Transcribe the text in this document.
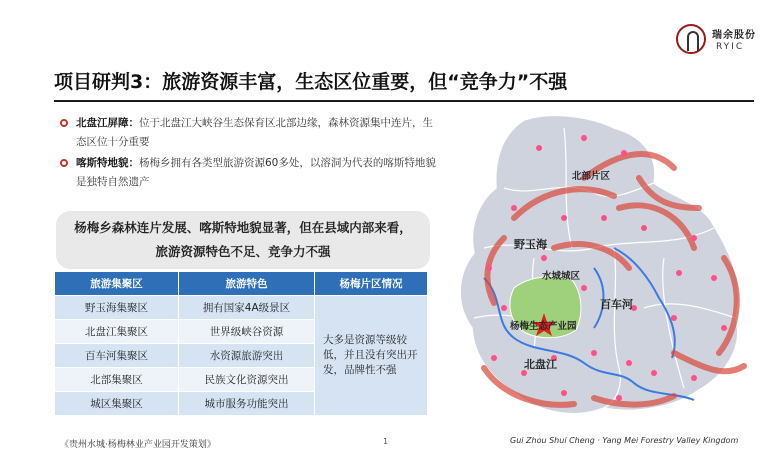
瑞余股份
RYIC
项目研判3：旅游资源丰富，生态区位重要，但“竞争力”不强
北盘江屏障：位于北盘江大峡谷生态保育区北部边缘，森林资源集中连片，生态区位十分重要
喀斯特地貌：杨梅乡拥有各类型旅游资源60多处，以溶洞为代表的喀斯特地貌是独特自然遗产
杨梅乡森林连片发展、喀斯特地貌显著，但在县域内部来看，
旅游资源特色不足、竞争力不强
旅游集聚区	旅游特色	杨梅片区情况
野玉海集聚区	拥有国家4A级景区	大多是资源等级较低，并且没有突出开发，品牌性不强
北盘江集聚区	世界级峡谷资源	
百车河集聚区	水资源旅游突出	
北部集聚区	民族文化资源突出	
城区集聚区	城市服务功能突出	
北部片区
野玉海
水城城区
百车河
杨梅生态产业园
北盘江
《贵州水城·杨梅林业产业园开发策划》	1	Gui Zhou Shui Cheng · Yang Mei Forestry Valley Kingdom
